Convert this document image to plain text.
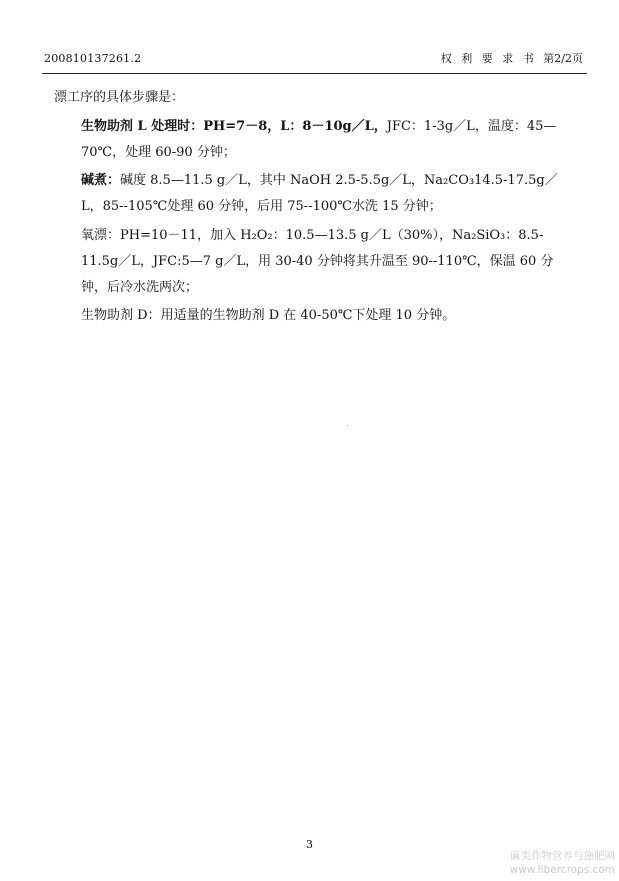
200810137261.2	权 利 要 求 书 第2/2页

漂工序的具体步骤是：

生物助剂 L 处理时：PH=7－8，L：8－10g／L，JFC：1-3g／L，温度：45—70℃，处理 60-90 分钟；

碱煮：碱度 8.5—11.5 g／L，其中 NaOH 2.5-5.5g／L，Na₂CO₃14.5-17.5g／L，85--105℃处理 60 分钟，后用 75--100℃水洗 15 分钟；

氧漂：PH=10－11，加入 H₂O₂：10.5—13.5 g／L（30%），Na₂SiO₃：8.5-11.5g／L，JFC:5—7 g／L，用 30-40 分钟将其升温至 90--110℃，保温 60 分钟，后冷水洗两次；

生物助剂 D：用适量的生物助剂 D 在 40-50℃下处理 10 分钟。

3
麻类作物营养与施肥网
www.libercrops.com
